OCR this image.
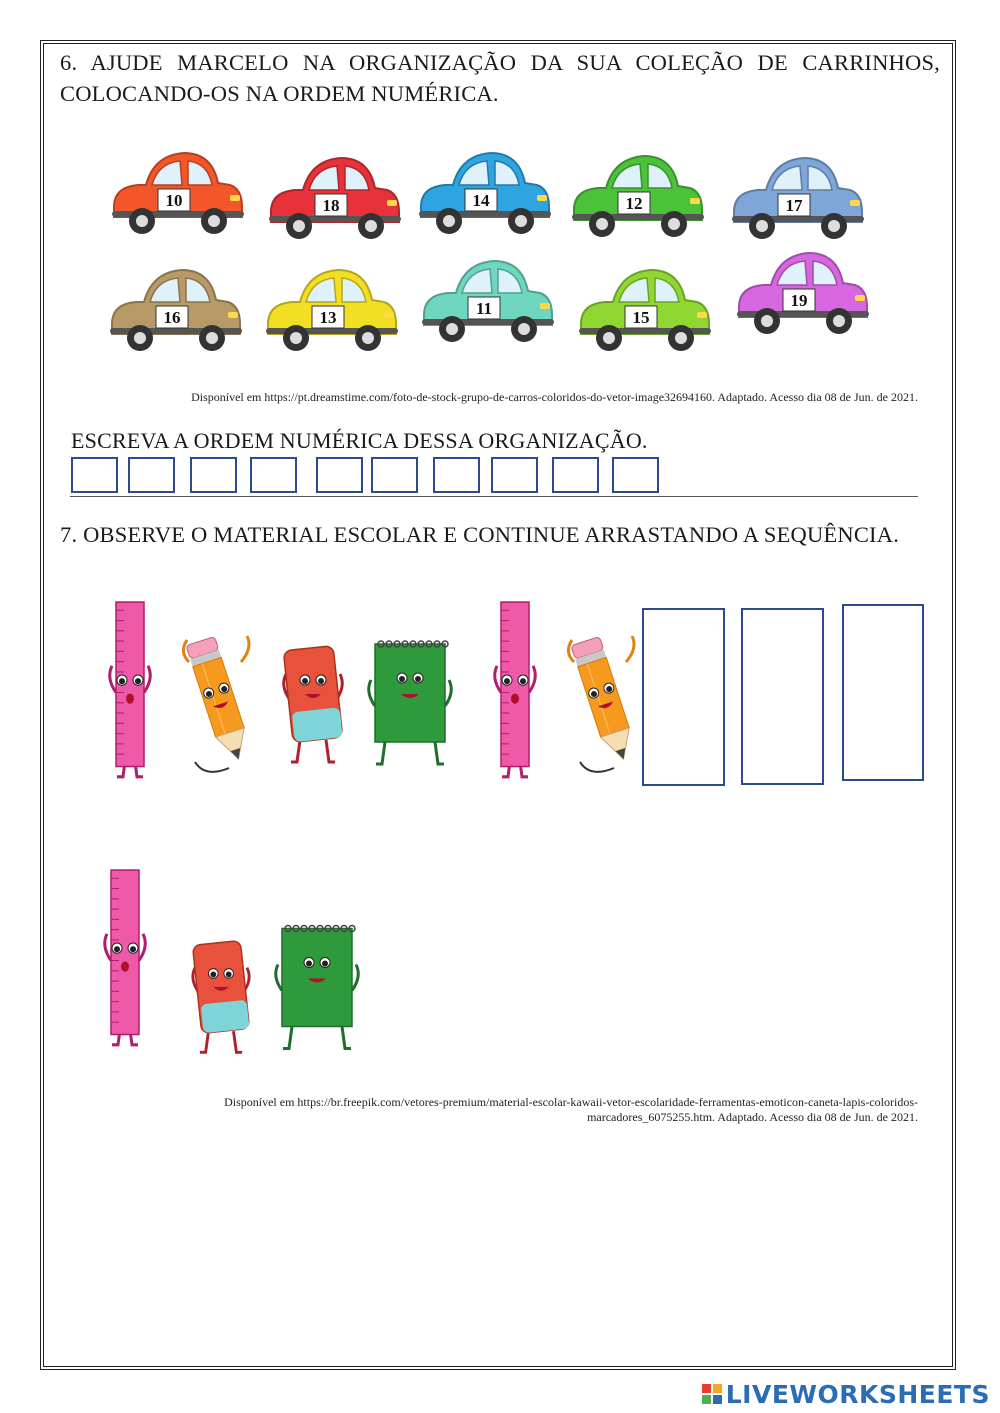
6. AJUDE MARCELO NA ORGANIZAÇÃO DA SUA COLEÇÃO DE CARRINHOS, COLOCANDO-OS NA ORDEM NUMÉRICA.

10	18	14	12	17
16	13	11	15
19
Disponível em https://pt.dreamstime.com/foto-de-stock-grupo-de-carros-coloridos-do-vetor-image32694160. Adaptado. Acesso dia 08 de Jun. de 2021.
ESCREVA A ORDEM NUMÉRICA DESSA ORGANIZAÇÃO.

7. OBSERVE O MATERIAL ESCOLAR E CONTINUE ARRASTANDO A SEQUÊNCIA.

Disponível em https://br.freepik.com/vetores-premium/material-escolar-kawaii-vetor-escolaridade-ferramentas-emoticon-caneta-lapis-coloridos-
marcadores_6075255.htm. Adaptado. Acesso dia 08 de Jun. de 2021.
LIVEWORKSHEETS
